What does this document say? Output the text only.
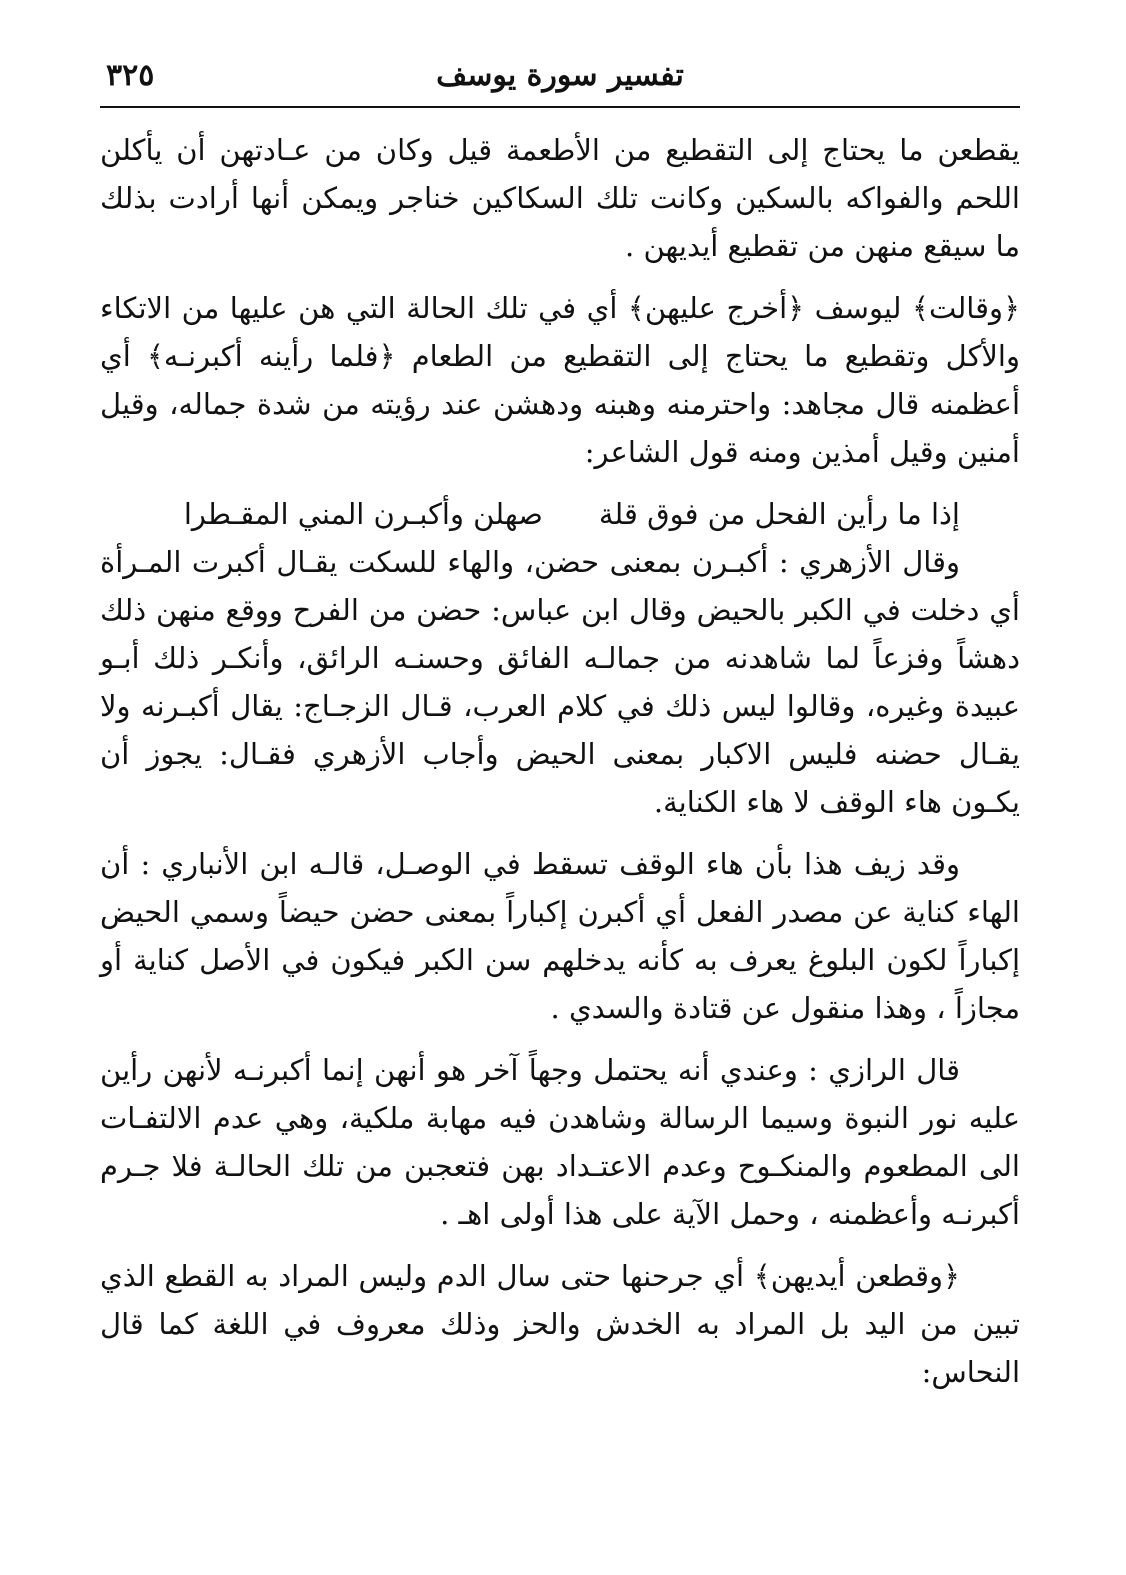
تفسير سورة يوسف
٣٢٥

يقطعن ما يحتاج إلى التقطيع من الأطعمة قيل وكان من عـادتهن أن يأكلن اللحم والفواكه بالسكين وكانت تلك السكاكين خناجر ويمكن أنها أرادت بذلك ما سيقع منهن من تقطيع أيديهن .

﴿وقالت﴾ ليوسف ﴿أخرج عليهن﴾ أي في تلك الحالة التي هن عليها من الاتكاء والأكل وتقطيع ما يحتاج إلى التقطيع من الطعام ﴿فلما رأينه أكبرنـه﴾ أي أعظمنه قال مجاهد: واحترمنه وهبنه ودهشن عند رؤيته من شدة جماله، وقيل أمنين وقيل أمذين ومنه قول الشاعر:

إذا ما رأين الفحل من فوق قلةصهلن وأكبـرن المني المقـطرا

وقال الأزهري : أكبـرن بمعنى حضن، والهاء للسكت يقـال أكبرت المـرأة أي دخلت في الكبر بالحيض وقال ابن عباس: حضن من الفرح ووقع منهن ذلك دهشاً وفزعاً لما شاهدنه من جمالـه الفائق وحسنـه الرائق، وأنكـر ذلك أبـو عبيدة وغيره، وقالوا ليس ذلك في كلام العرب، قـال الزجـاج: يقال أكبـرنه ولا يقـال حضنه فليس الاكبار بمعنى الحيض وأجاب الأزهري فقـال: يجوز أن يكـون هاء الوقف لا هاء الكناية.

وقد زيف هذا بأن هاء الوقف تسقط في الوصـل، قالـه ابن الأنباري : أن الهاء كناية عن مصدر الفعل أي أكبرن إكباراً بمعنى حضن حيضاً وسمي الحيض إكباراً لكون البلوغ يعرف به كأنه يدخلهم سن الكبر فيكون في الأصل كناية أو مجازاً ، وهذا منقول عن قتادة والسدي .

قال الرازي : وعندي أنه يحتمل وجهاً آخر هو أنهن إنما أكبرنـه لأنهن رأين عليه نور النبوة وسيما الرسالة وشاهدن فيه مهابة ملكية، وهي عدم الالتفـات الى المطعوم والمنكـوح وعدم الاعتـداد بهن فتعجبن من تلك الحالـة فلا جـرم أكبرنـه وأعظمنه ، وحمل الآية على هذا أولى اهـ .

﴿وقطعن أيديهن﴾ أي جرحنها حتى سال الدم وليس المراد به القطع الذي تبين من اليد بل المراد به الخدش والحز وذلك معروف في اللغة كما قال النحاس:
